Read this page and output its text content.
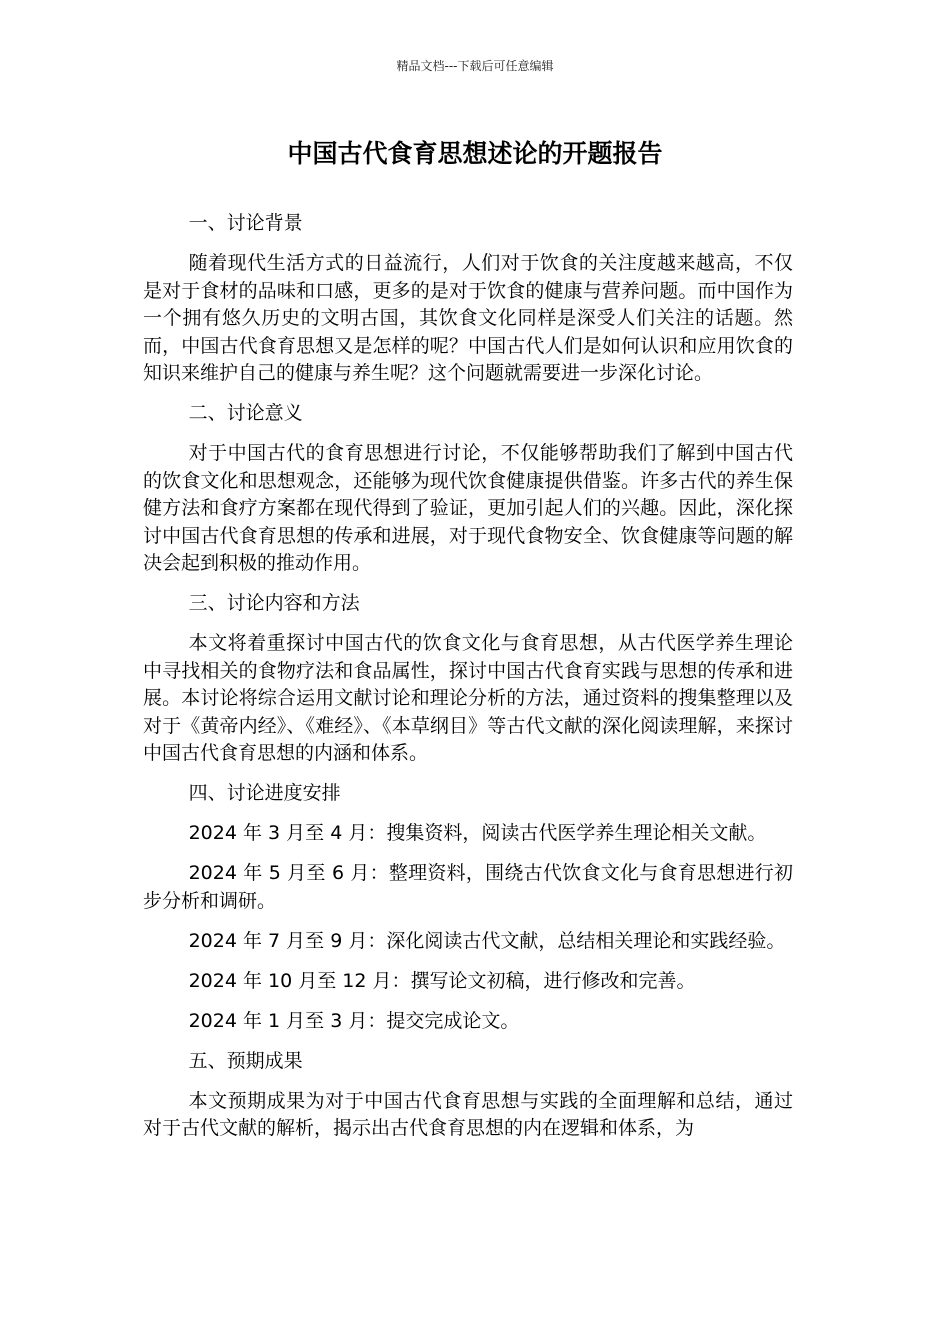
精品文档---下载后可任意编辑
中国古代食育思想述论的开题报告

一、讨论背景

随着现代生活方式的日益流行，人们对于饮食的关注度越来越高，不仅是对于食材的品味和口感，更多的是对于饮食的健康与营养问题。而中国作为一个拥有悠久历史的文明古国，其饮食文化同样是深受人们关注的话题。然而，中国古代食育思想又是怎样的呢？中国古代人们是如何认识和应用饮食的知识来维护自己的健康与养生呢？这个问题就需要进一步深化讨论。

二、讨论意义

对于中国古代的食育思想进行讨论，不仅能够帮助我们了解到中国古代的饮食文化和思想观念，还能够为现代饮食健康提供借鉴。许多古代的养生保健方法和食疗方案都在现代得到了验证，更加引起人们的兴趣。因此，深化探讨中国古代食育思想的传承和进展，对于现代食物安全、饮食健康等问题的解决会起到积极的推动作用。

三、讨论内容和方法

本文将着重探讨中国古代的饮食文化与食育思想，从古代医学养生理论中寻找相关的食物疗法和食品属性，探讨中国古代食育实践与思想的传承和进展。本讨论将综合运用文献讨论和理论分析的方法，通过资料的搜集整理以及对于《黄帝内经》、《难经》、《本草纲目》等古代文献的深化阅读理解，来探讨中国古代食育思想的内涵和体系。

四、讨论进度安排

2024 年 3 月至 4 月：搜集资料，阅读古代医学养生理论相关文献。

2024 年 5 月至 6 月：整理资料，围绕古代饮食文化与食育思想进行初步分析和调研。

2024 年 7 月至 9 月：深化阅读古代文献，总结相关理论和实践经验。

2024 年 10 月至 12 月：撰写论文初稿，进行修改和完善。

2024 年 1 月至 3 月：提交完成论文。

五、预期成果

本文预期成果为对于中国古代食育思想与实践的全面理解和总结，通过对于古代文献的解析，揭示出古代食育思想的内在逻辑和体系，为
